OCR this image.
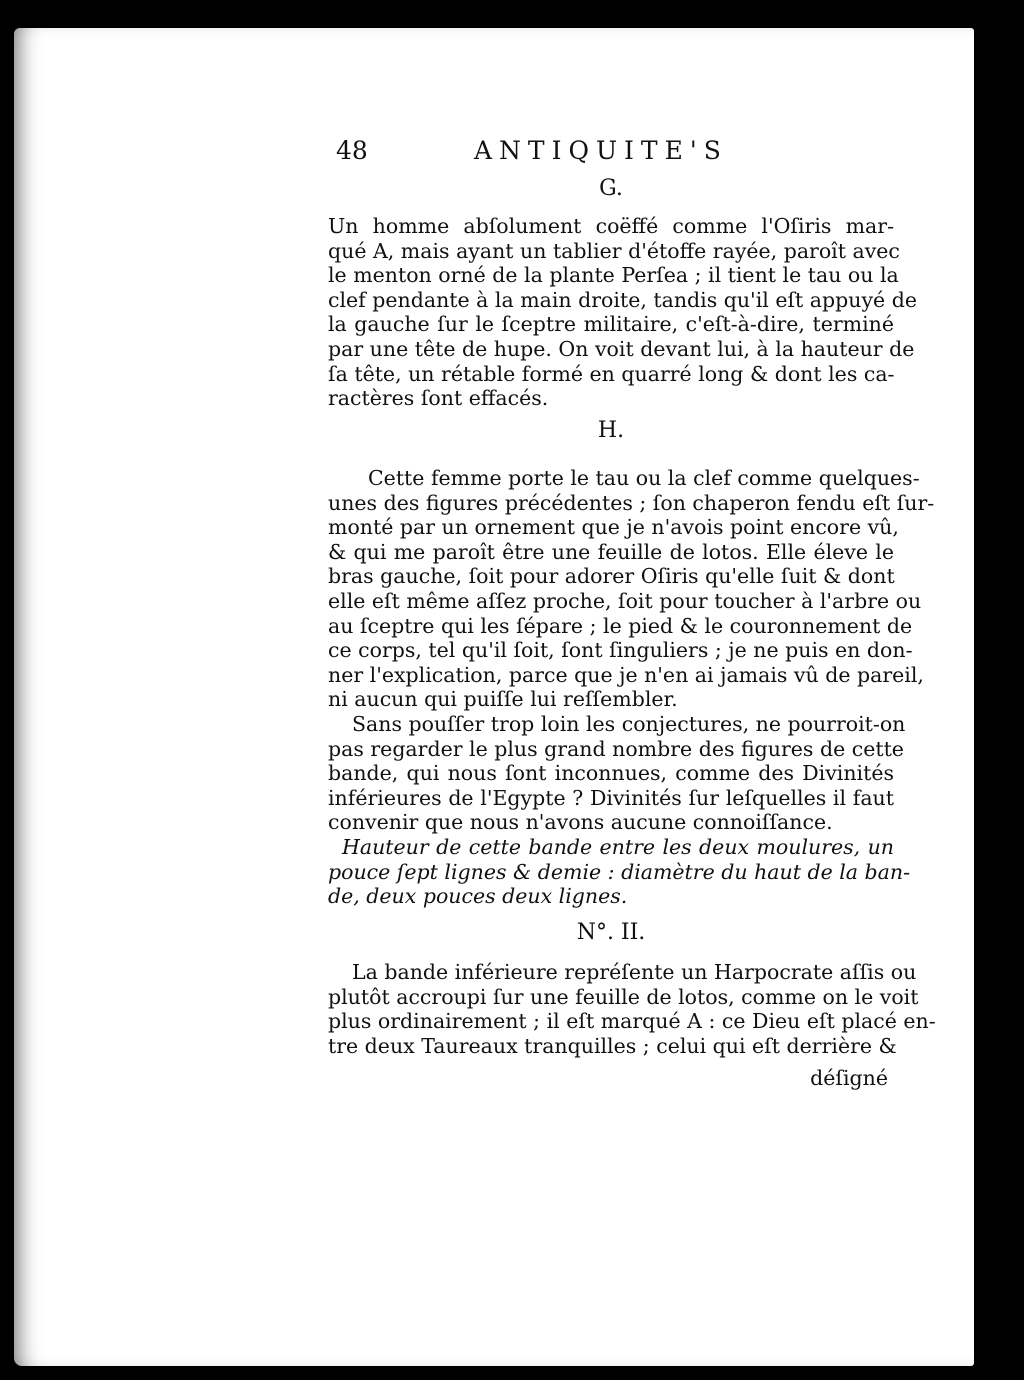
48	ANTIQUITE'S
G.
Un homme abſolument coëffé comme l'Oſiris mar-
qué A, mais ayant un tablier d'étoffe rayée, paroît avec
le menton orné de la plante Perſea ; il tient le tau ou la
clef pendante à la main droite, tandis qu'il eſt appuyé de
la gauche ſur le ſceptre militaire, c'eſt-à-dire, terminé
par une tête de hupe. On voit devant lui, à la hauteur de
ſa tête, un rétable formé en quarré long & dont les ca-
ractères ſont effacés.
H.
Cette femme porte le tau ou la clef comme quelques-
unes des figures précédentes ; ſon chaperon fendu eſt ſur-
monté par un ornement que je n'avois point encore vû,
& qui me paroît être une feuille de lotos. Elle éleve le
bras gauche, ſoit pour adorer Oſiris qu'elle ſuit & dont
elle eſt même aſſez proche, ſoit pour toucher à l'arbre ou
au ſceptre qui les ſépare ; le pied & le couronnement de
ce corps, tel qu'il ſoit, ſont ſinguliers ; je ne puis en don-
ner l'explication, parce que je n'en ai jamais vû de pareil,
ni aucun qui puiſſe lui reſſembler.
Sans pouſſer trop loin les conjectures, ne pourroit-on
pas regarder le plus grand nombre des figures de cette
bande, qui nous ſont inconnues, comme des Divinités
inférieures de l'Egypte ? Divinités ſur leſquelles il faut
convenir que nous n'avons aucune connoiſſance.
Hauteur de cette bande entre les deux moulures, un
pouce ſept lignes & demie : diamètre du haut de la ban-
de, deux pouces deux lignes.
N°. II.
La bande inférieure repréſente un Harpocrate aſſis ou
plutôt accroupi ſur une feuille de lotos, comme on le voit
plus ordinairement ; il eſt marqué A : ce Dieu eſt placé en-
tre deux Taureaux tranquilles ; celui qui eſt derrière &
déſigné
